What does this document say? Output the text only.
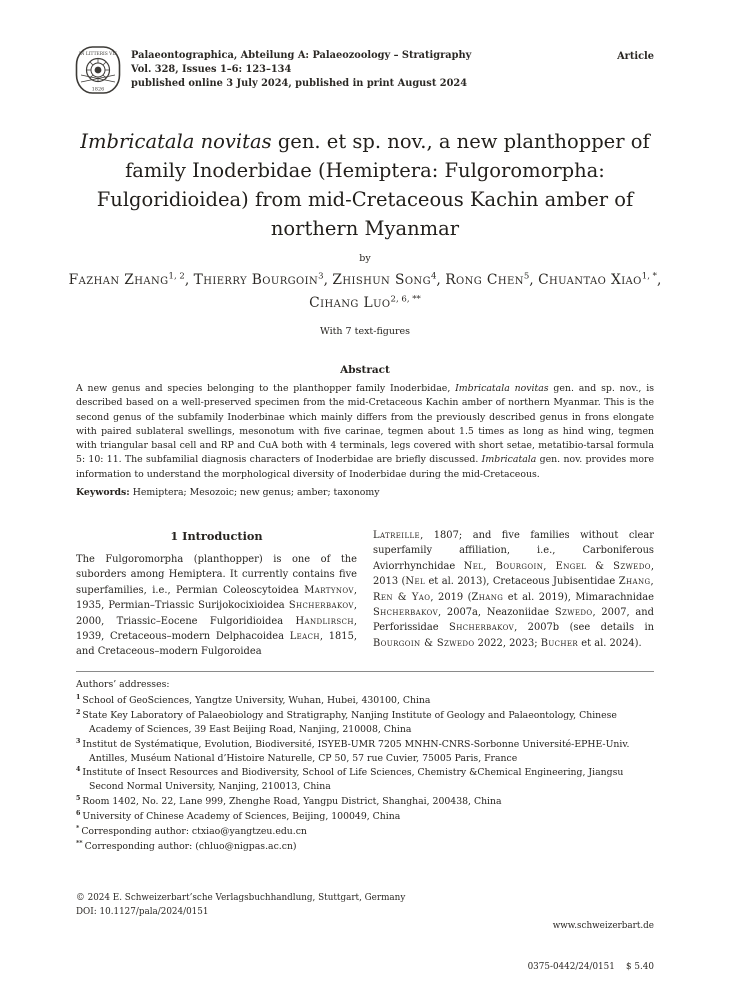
IN LITTERIS VIS
1826
Palaeontographica, Abteilung A: Palaeozoology – Stratigraphy
Vol. 328, Issues 1–6: 123–134
published online 3 July 2024, published in print August 2024
Article
Imbricatala novitas gen. et sp. nov., a new planthopper of family Inoderbidae (Hemiptera: Fulgoromorpha: Fulgoridioidea) from mid-Cretaceous Kachin amber of northern Myanmar
by
Fazhan Zhang$^{1, 2}$, Thierry Bourgoin$^3$, Zhishun Song$^4$, Rong Chen$^5$, Chuantao Xiao$^{1, *}$, Cihang Luo$^{2, 6, **}$
With 7 text-figures
Abstract

A new genus and species belonging to the planthopper family Inoderbidae, Imbricatala novitas gen. and sp. nov., is described based on a well-preserved specimen from the mid-Cretaceous Kachin amber of northern Myanmar. This is the second genus of the subfamily Inoderbinae which mainly differs from the previously described genus in frons elongate with paired sublateral swellings, mesonotum with five carinae, tegmen about 1.5 times as long as hind wing, tegmen with triangular basal cell and RP and CuA both with 4 terminals, legs covered with short setae, metatibio-tarsal formula 5: 10: 11. The subfamilial diagnosis characters of Inoderbidae are briefly discussed. Imbricatala gen. nov. provides more information to understand the morphological diversity of Inoderbidae during the mid-Cretaceous.

Keywords: Hemiptera; Mesozoic; new genus; amber; taxonomy
1 Introduction
The Fulgoromorpha (planthopper) is one of the suborders among Hemiptera. It currently contains five superfamilies, i.e., Permian Coleoscytoidea Martynov, 1935, Permian–Triassic Surijokocixioidea Shcherbakov, 2000, Triassic–Eocene Fulgoridioidea Handlirsch, 1939, Cretaceous–modern Delphacoidea Leach, 1815, and Cretaceous–modern Fulgoroidea
Latreille, 1807; and five families without clear superfamily affiliation, i.e., Carboniferous Aviorrhynchidae Nel, Bourgoin, Engel & Szwedo, 2013 (Nel et al. 2013), Cretaceous Jubisentidae Zhang, Ren & Yao, 2019 (Zhang et al. 2019), Mimarachnidae Shcherbakov, 2007a, Neazoniidae Szwedo, 2007, and Perforissidae Shcherbakov, 2007b (see details in Bourgoin & Szwedo 2022, 2023; Bucher et al. 2024).
Authors’ addresses:
$^1$ School of GeoSciences, Yangtze University, Wuhan, Hubei, 430100, China
$^2$ State Key Laboratory of Palaeobiology and Stratigraphy, Nanjing Institute of Geology and Palaeontology, Chinese Academy of Sciences, 39 East Beijing Road, Nanjing, 210008, China
$^3$ Institut de Systématique, Evolution, Biodiversité, ISYEB-UMR 7205 MNHN-CNRS-Sorbonne Université-EPHE-Univ. Antilles, Muséum National d’Histoire Naturelle, CP 50, 57 rue Cuvier, 75005 Paris, France
$^4$ Institute of Insect Resources and Biodiversity, School of Life Sciences, Chemistry &Chemical Engineering, Jiangsu Second Normal University, Nanjing, 210013, China
$^5$ Room 1402, No. 22, Lane 999, Zhenghe Road, Yangpu District, Shanghai, 200438, China
$^6$ University of Chinese Academy of Sciences, Beijing, 100049, China
* Corresponding author: ctxiao@yangtzeu.edu.cn
** Corresponding author: (chluo@nigpas.ac.cn)
© 2024 E. Schweizerbart’sche Verlagsbuchhandlung, Stuttgart, Germany
DOI: 10.1127/pala/2024/0151

www.schweizerbart.de

0375-0442/24/0151    $ 5.40
